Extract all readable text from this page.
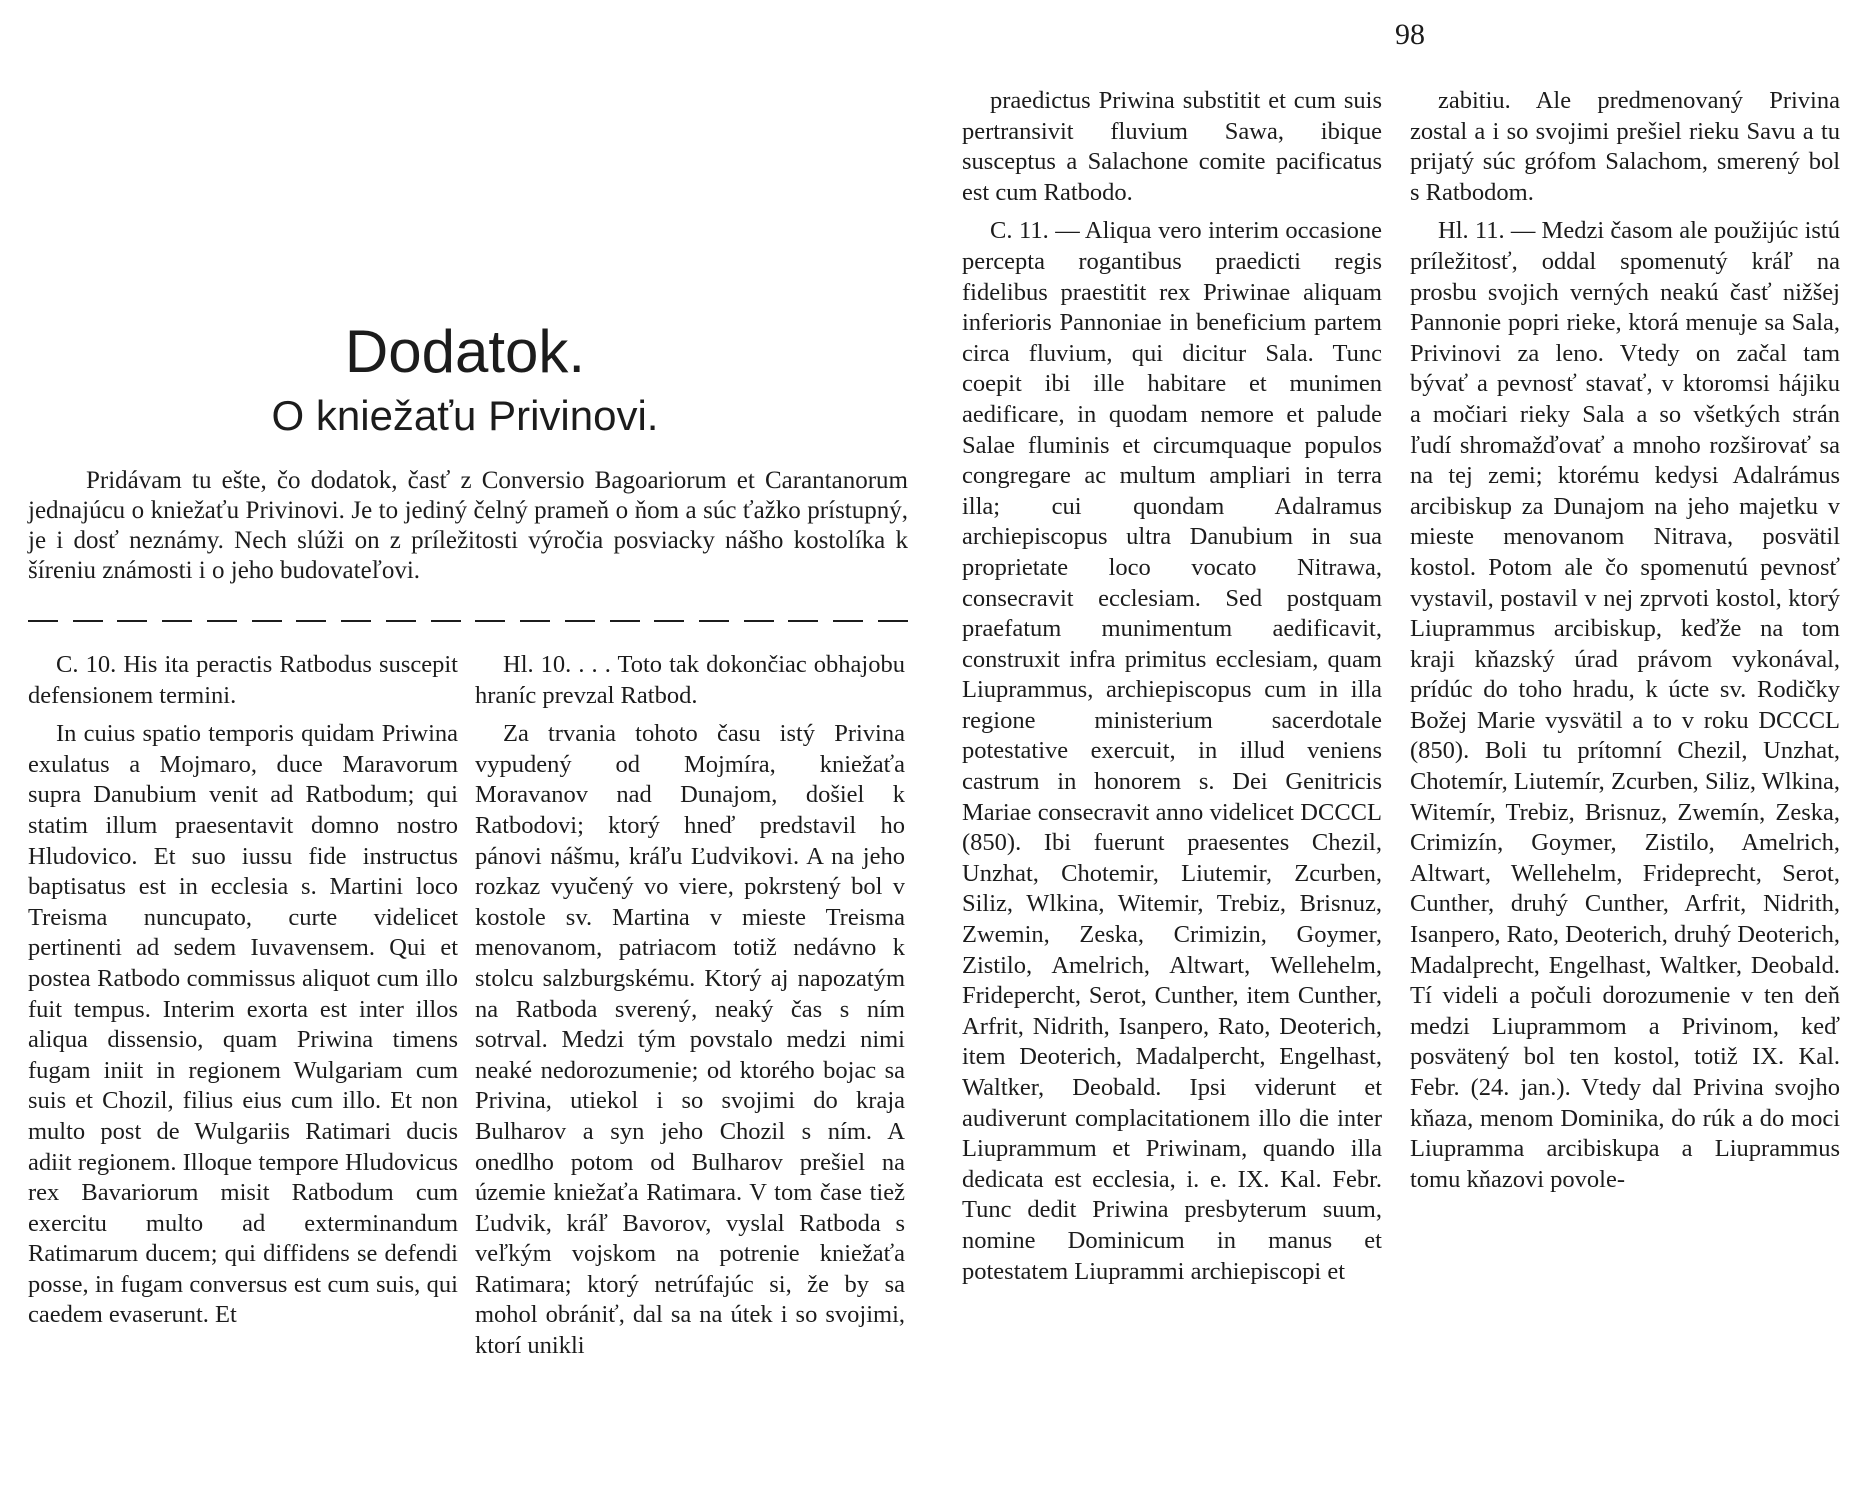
98
Dodatok.
O kniežaťu Privinovi.

Pridávam tu ešte, čo dodatok, časť z Conversio Bagoariorum et Carantanorum jednajúcu o kniežaťu Privinovi. Je to jediný čelný prameň o ňom a súc ťažko prístupný, je i dosť neznámy. Nech slúži on z príležitosti výročia posviacky nášho kostolíka k šíreniu známosti i o jeho budovateľovi.

C. 10. His ita peractis Ratbodus suscepit defensionem termini.

In cuius spatio temporis quidam Priwina exulatus a Mojmaro, duce Maravorum supra Danubium venit ad Ratbodum; qui statim illum praesentavit domno nostro Hludovico. Et suo iussu fide instructus baptisatus est in ecclesia s. Martini loco Treisma nuncupato, curte videlicet pertinenti ad sedem Iuvavensem. Qui et postea Ratbodo commissus aliquot cum illo fuit tempus. Interim exorta est inter illos aliqua dissensio, quam Priwina timens fugam iniit in regionem Wulgariam cum suis et Chozil, filius eius cum illo. Et non multo post de Wulgariis Ratimari ducis adiit regionem. Illoque tempore Hludovicus rex Bavariorum misit Ratbodum cum exercitu multo ad exterminandum Ratimarum ducem; qui diffidens se defendi posse, in fugam conversus est cum suis, qui caedem evaserunt. Et

Hl. 10. . . . Toto tak dokončiac obhajobu hraníc prevzal Ratbod.

Za trvania tohoto času istý Privina vypudený od Mojmíra, kniežaťa Moravanov nad Dunajom, došiel k Ratbodovi; ktorý hneď predstavil ho pánovi nášmu, kráľu Ľudvikovi. A na jeho rozkaz vyučený vo viere, pokrstený bol v kostole sv. Martina v mieste Treisma menovanom, patriacom totiž nedávno k stolcu salzburgskému. Ktorý aj napozatým na Ratboda sverený, neaký čas s ním sotrval. Medzi tým povstalo medzi nimi neaké nedorozumenie; od ktorého bojac sa Privina, utiekol i so svojimi do kraja Bulharov a syn jeho Chozil s ním. A onedlho potom od Bulharov prešiel na územie kniežaťa Ratimara. V tom čase tiež Ľudvik, kráľ Bavorov, vyslal Ratboda s veľkým vojskom na potrenie kniežaťa Ratimara; ktorý netrúfajúc si, že by sa mohol obrániť, dal sa na útek i so svojimi, ktorí unikli

praedictus Priwina substitit et cum suis pertransivit fluvium Sawa, ibique susceptus a Salachone comite pacificatus est cum Ratbodo.

C. 11. — Aliqua vero interim occasione percepta rogantibus praedicti regis fidelibus praestitit rex Priwinae aliquam inferioris Pannoniae in beneficium partem circa fluvium, qui dicitur Sala. Tunc coepit ibi ille habitare et munimen aedificare, in quodam nemore et palude Salae fluminis et circumquaque populos congregare ac multum ampliari in terra illa; cui quondam Adalramus archiepiscopus ultra Danubium in sua proprietate loco vocato Nitrawa, consecravit ecclesiam. Sed postquam praefatum munimentum aedificavit, construxit infra primitus ecclesiam, quam Liuprammus, archiepiscopus cum in illa regione ministerium sacerdotale potestative exercuit, in illud veniens castrum in honorem s. Dei Genitricis Mariae consecravit anno videlicet DCCCL (850). Ibi fuerunt praesentes Chezil, Unzhat, Chotemir, Liutemir, Zcurben, Siliz, Wlkina, Witemir, Trebiz, Brisnuz, Zwemin, Zeska, Crimizin, Goymer, Zistilo, Amelrich, Altwart, Wellehelm, Fridepercht, Serot, Cunther, item Cunther, Arfrit, Nidrith, Isanpero, Rato, Deoterich, item Deoterich, Madalpercht, Engelhast, Waltker, Deobald. Ipsi viderunt et audiverunt complacitationem illo die inter Liuprammum et Priwinam, quando illa dedicata est ecclesia, i. e. IX. Kal. Febr. Tunc dedit Priwina presbyterum suum, nomine Dominicum in manus et potestatem Liuprammi archiepiscopi et

zabitiu. Ale predmenovaný Privina zostal a i so svojimi prešiel rieku Savu a tu prijatý súc grófom Salachom, smerený bol s Ratbodom.

Hl. 11. — Medzi časom ale použijúc istú príležitosť, oddal spomenutý kráľ na prosbu svojich verných neakú časť nižšej Pannonie popri rieke, ktorá menuje sa Sala, Privinovi za leno. Vtedy on začal tam bývať a pevnosť stavať, v ktoromsi hájiku a močiari rieky Sala a so všetkých strán ľudí shromažďovať a mnoho rozširovať sa na tej zemi; ktorému kedysi Adalrámus arcibiskup za Dunajom na jeho majetku v mieste menovanom Nitrava, posvätil kostol. Potom ale čo spomenutú pevnosť vystavil, postavil v nej zprvoti kostol, ktorý Liuprammus arcibiskup, keďže na tom kraji kňazský úrad právom vykonával, prídúc do toho hradu, k úcte sv. Rodičky Božej Marie vysvätil a to v roku DCCCL (850). Boli tu prítomní Chezil, Unzhat, Chotemír, Liutemír, Zcurben, Siliz, Wlkina, Witemír, Trebiz, Brisnuz, Zwemín, Zeska, Crimizín, Goymer, Zistilo, Amelrich, Altwart, Wellehelm, Frideprecht, Serot, Cunther, druhý Cunther, Arfrit, Nidrith, Isanpero, Rato, Deoterich, druhý Deoterich, Madalprecht, Engelhast, Waltker, Deobald. Tí videli a počuli dorozumenie v ten deň medzi Liuprammom a Privinom, keď posvätený bol ten kostol, totiž IX. Kal. Febr. (24. jan.). Vtedy dal Privina svojho kňaza, menom Dominika, do rúk a do moci Liupramma arcibiskupa a Liuprammus tomu kňazovi povole-
